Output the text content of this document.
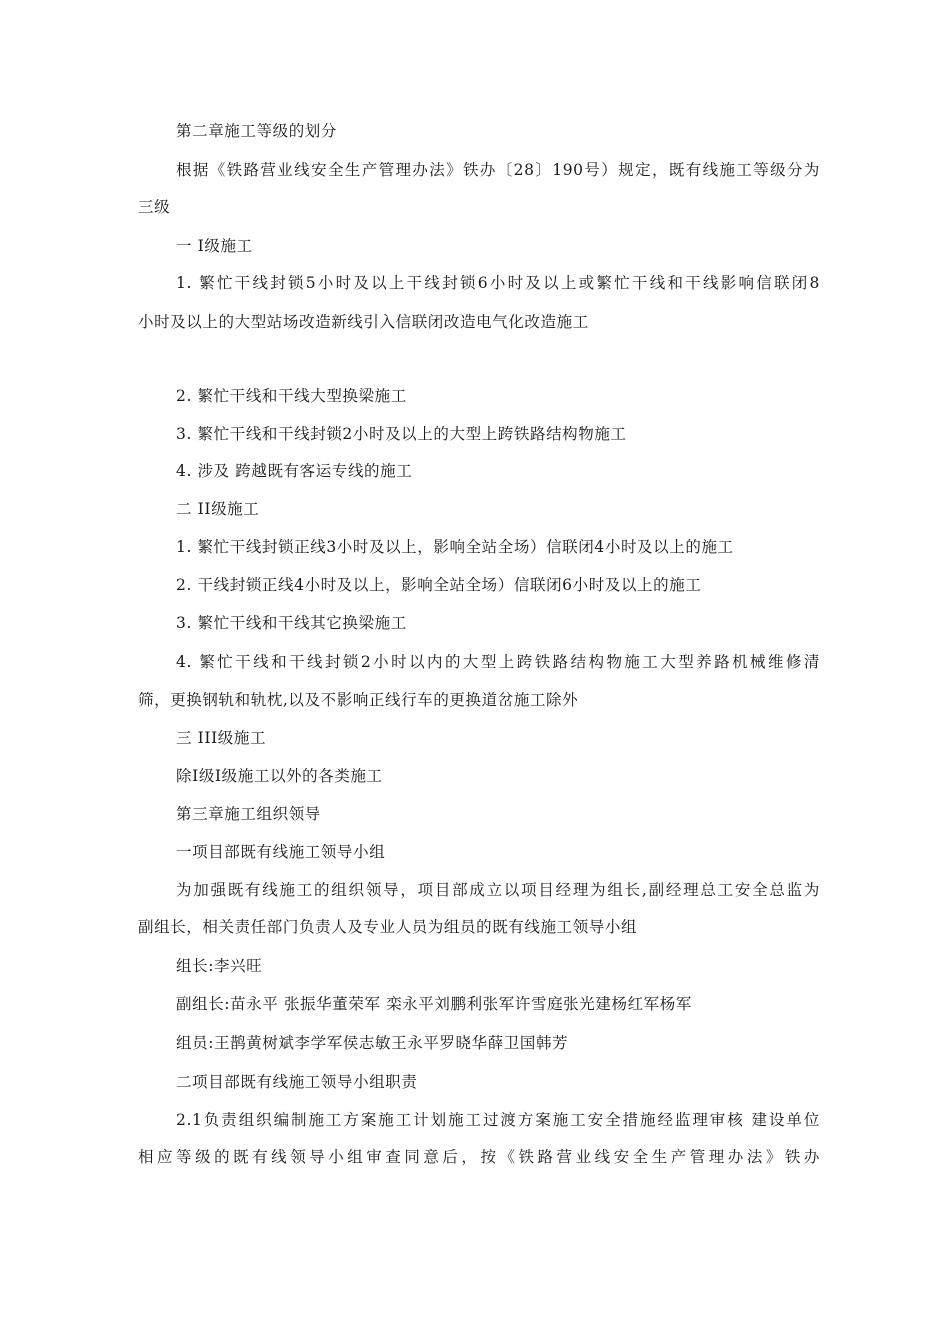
第二章施工等级的划分
根据《铁路营业线安全生产管理办法》铁办〔28〕190号）规定，既有线施工等级分为
三级
一 I级施工
1. 繁忙干线封锁5小时及以上干线封锁6小时及以上或繁忙干线和干线影响信联闭8
小时及以上的大型站场改造新线引入信联闭改造电气化改造施工
2. 繁忙干线和干线大型换梁施工
3. 繁忙干线和干线封锁2小时及以上的大型上跨铁路结构物施工
4. 涉及 跨越既有客运专线的施工
二 II级施工
1. 繁忙干线封锁正线3小时及以上，影响全站全场）信联闭4小时及以上的施工
2. 干线封锁正线4小时及以上，影响全站全场）信联闭6小时及以上的施工
3. 繁忙干线和干线其它换梁施工
4. 繁忙干线和干线封锁2小时以内的大型上跨铁路结构物施工大型养路机械维修清
筛，更换钢轨和轨枕,以及不影响正线行车的更换道岔施工除外
三 III级施工
除I级I级施工以外的各类施工
第三章施工组织领导
一项目部既有线施工领导小组
为加强既有线施工的组织领导，项目部成立以项目经理为组长,副经理总工安全总监为
副组长，相关责任部门负责人及专业人员为组员的既有线施工领导小组
组长:李兴旺
副组长:苗永平 张振华董荣军 栾永平刘鹏利张军许雪庭张光建杨红军杨军
组员:王鹊黄树斌李学军侯志敏王永平罗晓华薛卫国韩芳
二项目部既有线施工领导小组职责
2.1负责组织编制施工方案施工计划施工过渡方案施工安全措施经监理审核 建设单位
相应等级的既有线领导小组审查同意后，按《铁路营业线安全生产管理办法》铁办
